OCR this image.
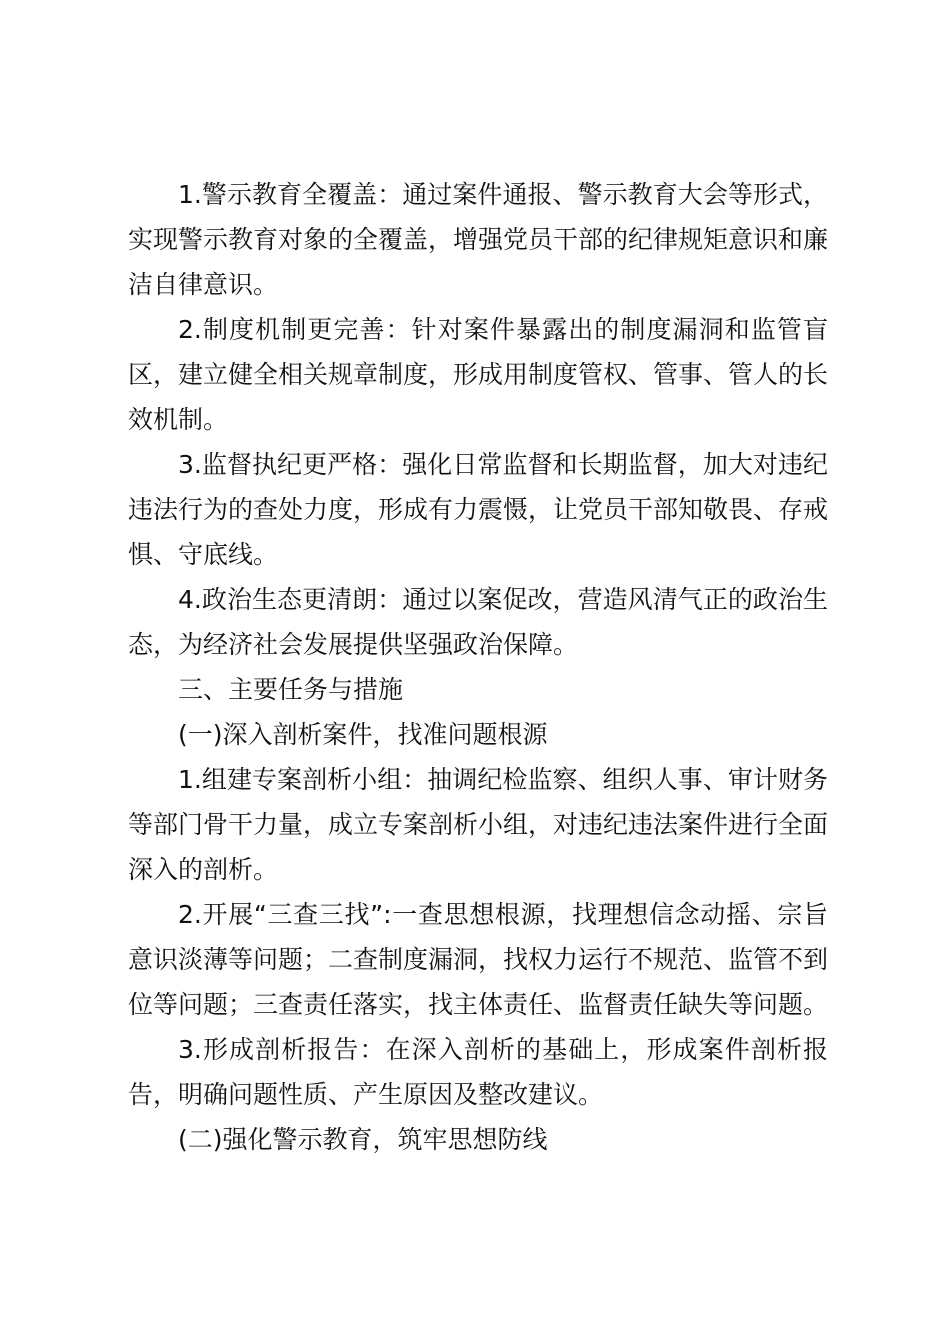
1.警示教育全覆盖：通过案件通报、警示教育大会等形式，实现警示教育对象的全覆盖，增强党员干部的纪律规矩意识和廉洁自律意识。

2.制度机制更完善：针对案件暴露出的制度漏洞和监管盲区，建立健全相关规章制度，形成用制度管权、管事、管人的长效机制。

3.监督执纪更严格：强化日常监督和长期监督，加大对违纪违法行为的查处力度，形成有力震慑，让党员干部知敬畏、存戒惧、守底线。

4.政治生态更清朗：通过以案促改，营造风清气正的政治生态，为经济社会发展提供坚强政治保障。

三、主要任务与措施

(一)深入剖析案件，找准问题根源

1.组建专案剖析小组：抽调纪检监察、组织人事、审计财务等部门骨干力量，成立专案剖析小组，对违纪违法案件进行全面深入的剖析。

2.开展“三查三找”:一查思想根源，找理想信念动摇、宗旨意识淡薄等问题；二查制度漏洞，找权力运行不规范、监管不到位等问题；三查责任落实，找主体责任、监督责任缺失等问题。

3.形成剖析报告：在深入剖析的基础上，形成案件剖析报告，明确问题性质、产生原因及整改建议。

(二)强化警示教育，筑牢思想防线
